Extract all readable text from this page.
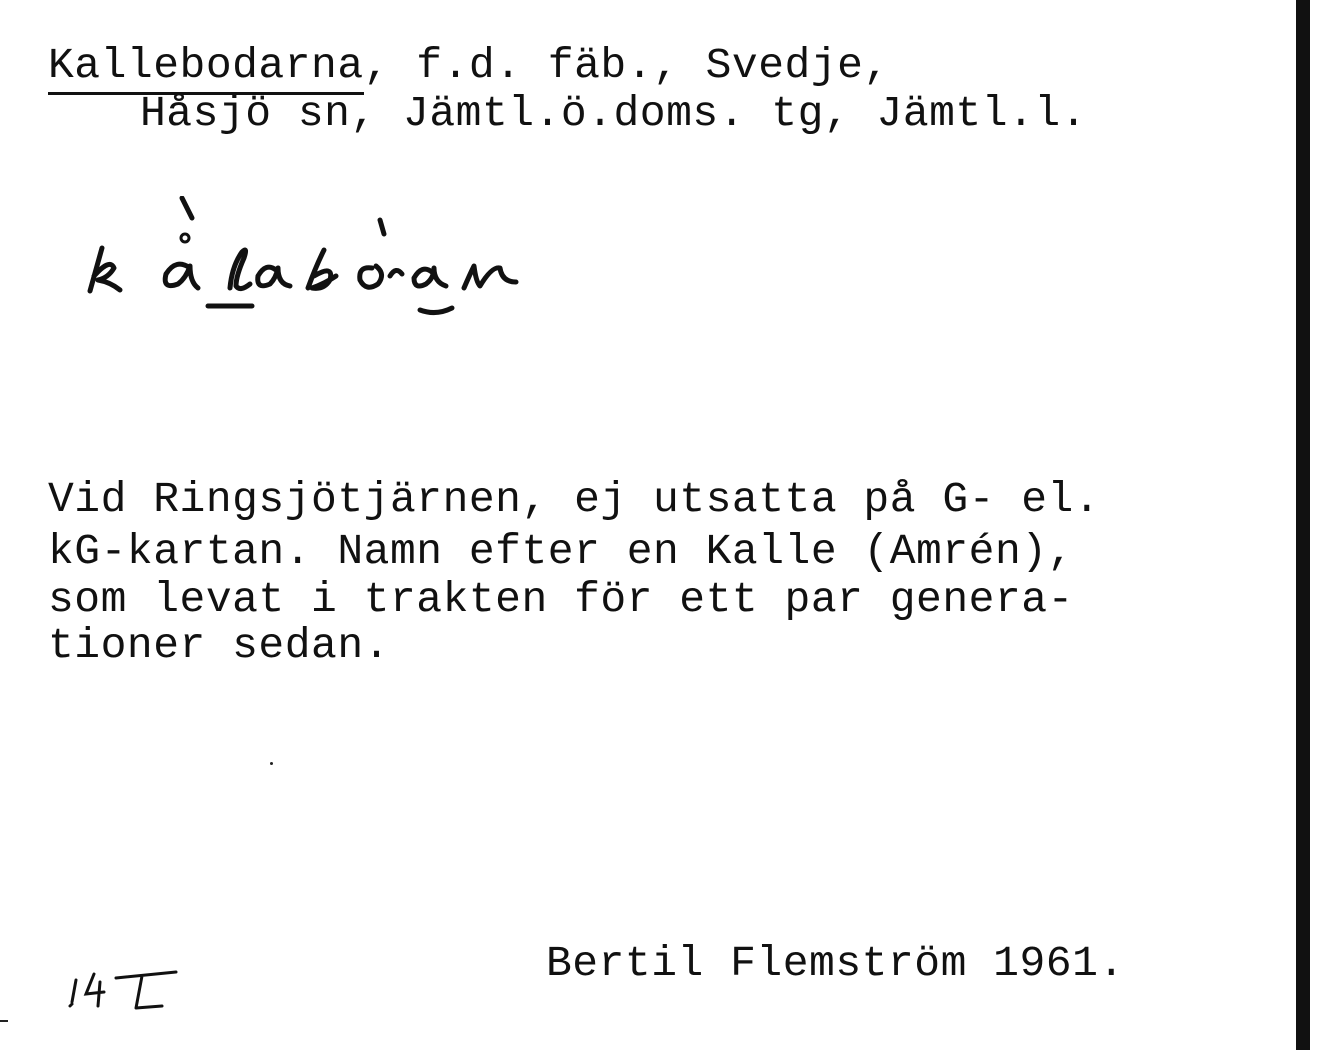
Kallebodarna, f.d. fäb., Svedje,
Håsjö sn, Jämtl.ö.doms. tg, Jämtl.l.
Vid Ringsjötjärnen, ej utsatta på G- el.
kG-kartan. Namn efter en Kalle (Amrén),
som levat i trakten för ett par genera-
tioner sedan.
Bertil Flemström 1961.
